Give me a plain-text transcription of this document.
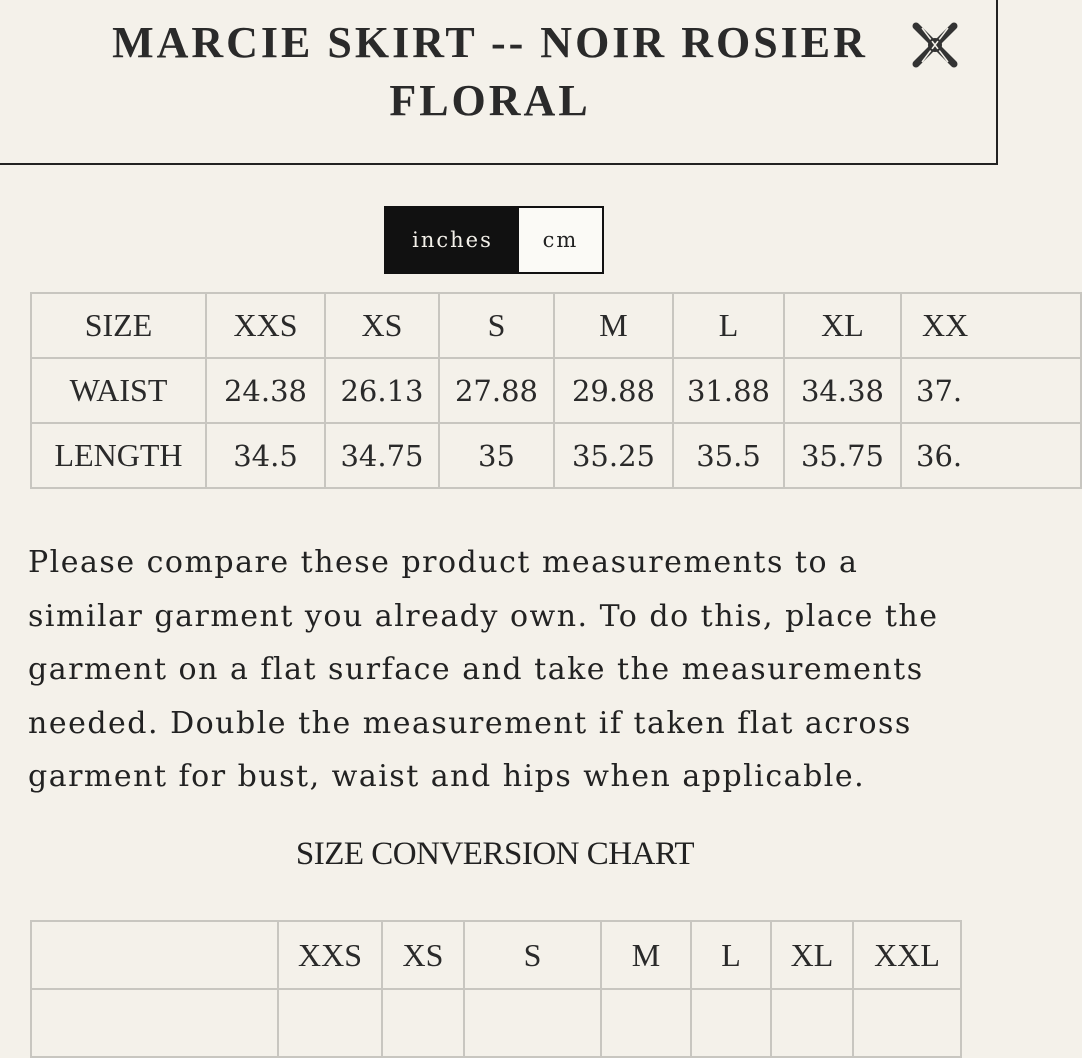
MARCIE SKIRT -- NOIR ROSIER FLORAL
inches	cm
SIZE	XXS	XS	S	M	L	XL	XX
WAIST	24.38	26.13	27.88	29.88	31.88	34.38	37.
LENGTH	34.5	34.75	35	35.25	35.5	35.75	36.
Please compare these product measurements to a similar garment you already own. To do this, place the garment on a flat surface and take the measurements needed. Double the measurement if taken flat across garment for bust, waist and hips when applicable.
SIZE CONVERSION CHART
	XXS	XS	S	M	L	XL	XXL
